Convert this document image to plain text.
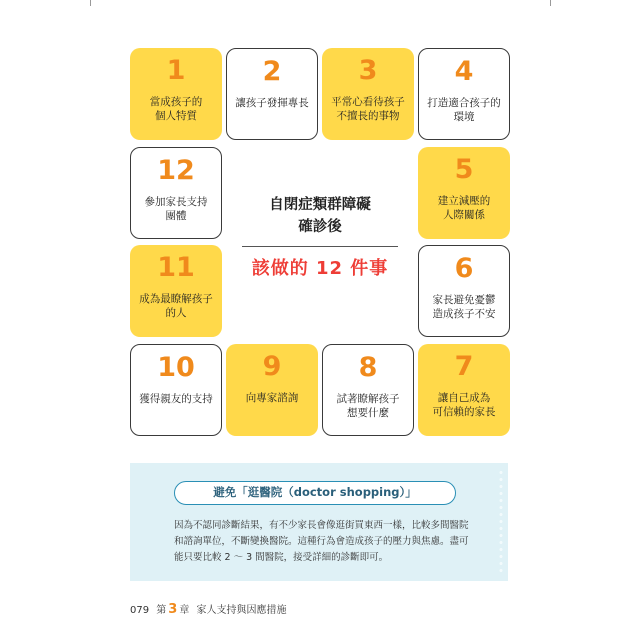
1
當成孩子的
個人特質
2
讓孩子發揮專長
3
平常心看待孩子
不擅長的事物
4
打造適合孩子的
環境
12
參加家長支持
團體
5
建立減壓的
人際關係
11
成為最瞭解孩子
的人
6
家長避免憂鬱
造成孩子不安
10
獲得親友的支持
9
向專家諮詢
8
試著瞭解孩子
想要什麼
7
讓自己成為
可信賴的家長
自閉症類群障礙
確診後
該做的 12 件事
避免「逛醫院（doctor shopping）」
因為不認同診斷結果，有不少家長會像逛街買東西一樣，比較多間醫院和諮詢單位，不斷變換醫院。這種行為會造成孩子的壓力與焦慮。盡可能只要比較 2 ～ 3 間醫院，接受詳細的診斷即可。
079 第 3 章 家人支持與因應措施
